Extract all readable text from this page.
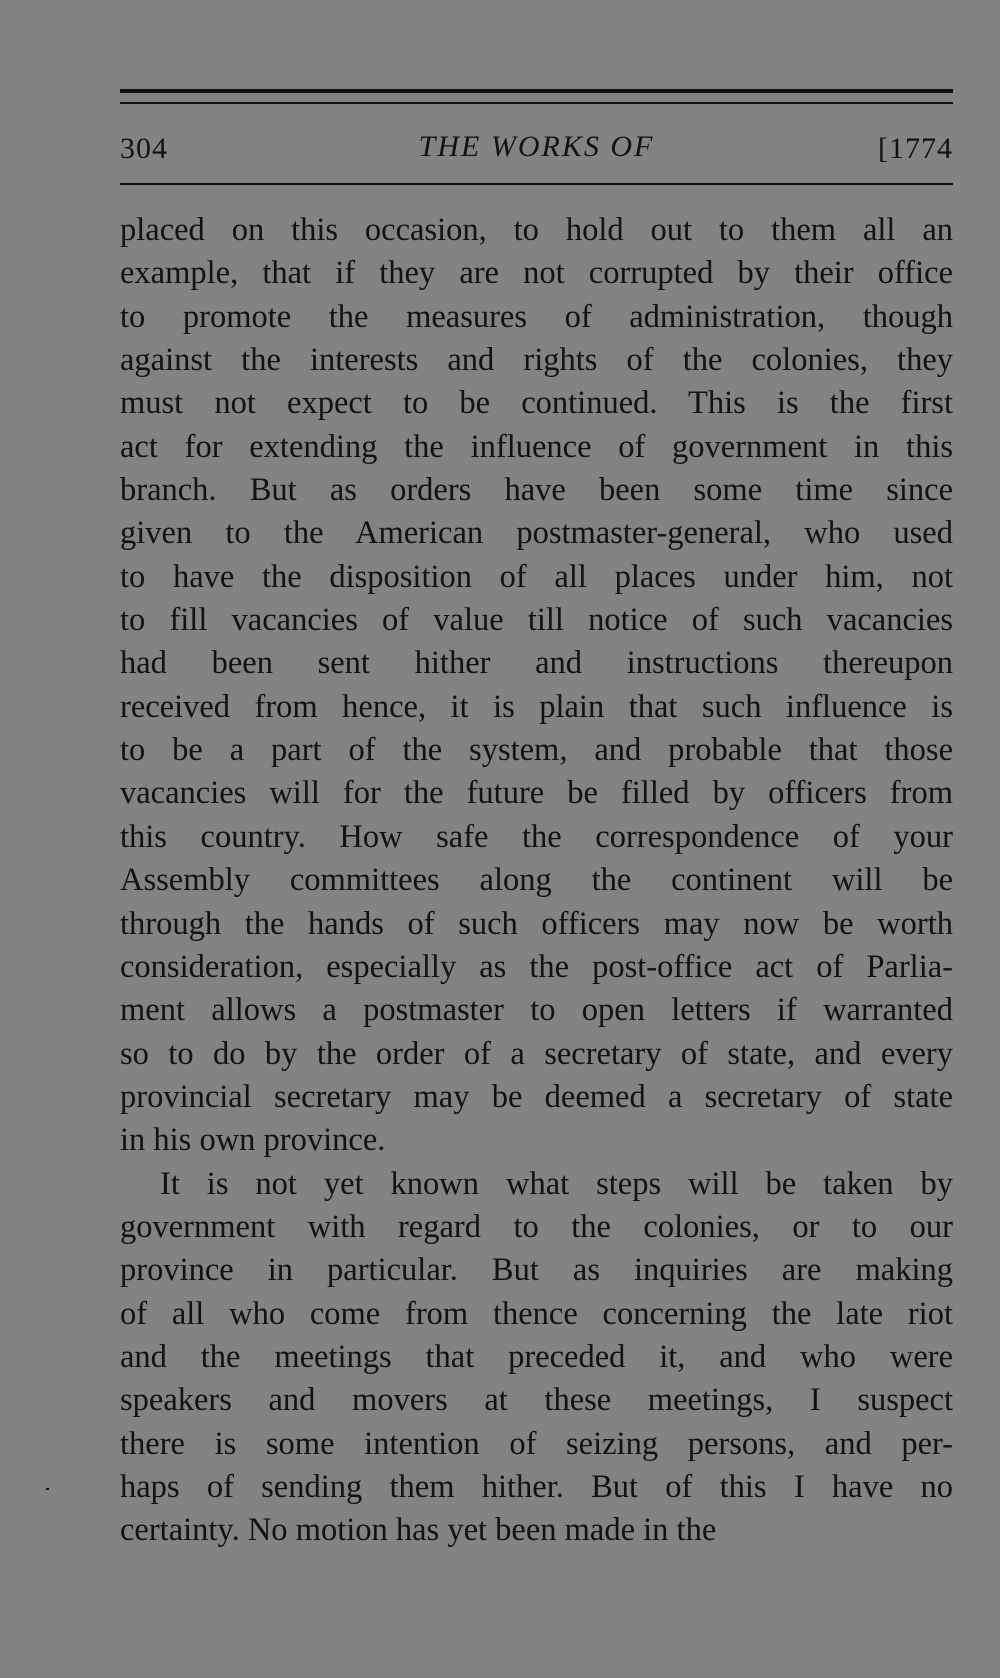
304	THE WORKS OF	[1774
placed on this occasion, to hold out to them all an
example, that if they are not corrupted by their office
to promote the measures of administration, though
against the interests and rights of the colonies, they
must not expect to be continued. This is the first
act for extending the influence of government in this
branch. But as orders have been some time since
given to the American postmaster-general, who used
to have the disposition of all places under him, not
to fill vacancies of value till notice of such vacancies
had been sent hither and instructions thereupon
received from hence, it is plain that such influence is
to be a part of the system, and probable that those
vacancies will for the future be filled by officers from
this country. How safe the correspondence of your
Assembly committees along the continent will be
through the hands of such officers may now be worth
consideration, especially as the post-office act of Parlia-
ment allows a postmaster to open letters if warranted
so to do by the order of a secretary of state, and every
provincial secretary may be deemed a secretary of state
in his own province.
It is not yet known what steps will be taken by
government with regard to the colonies, or to our
province in particular. But as inquiries are making
of all who come from thence concerning the late riot
and the meetings that preceded it, and who were
speakers and movers at these meetings, I suspect
there is some intention of seizing persons, and per-
haps of sending them hither. But of this I have no
certainty. No motion has yet been made in the
